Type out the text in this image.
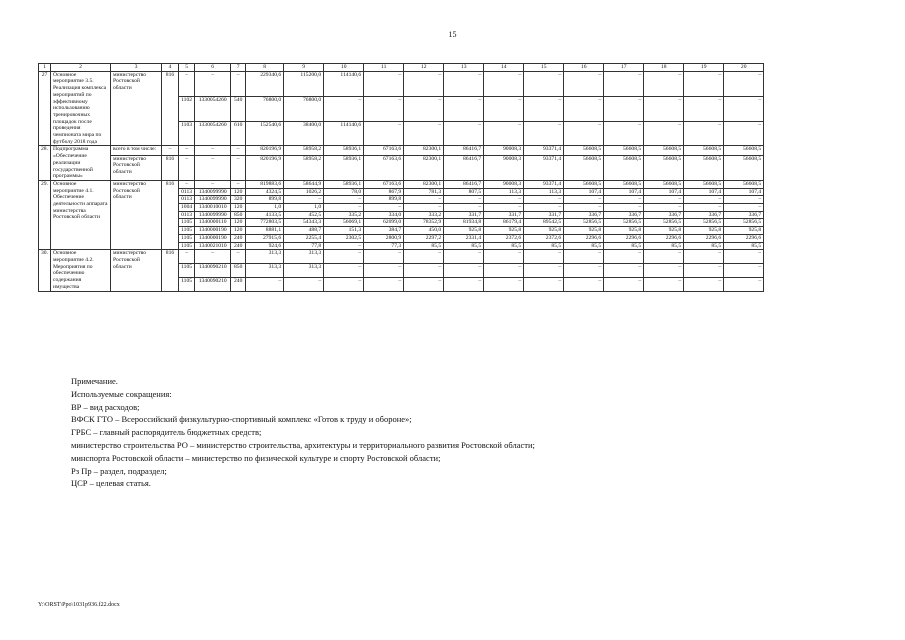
15
1	2	3	4	5	6	7	8	9	10	11	12	13	14	15	16	17	18	19	20
27	Основное мероприятие 3.5. Реализация комплекса мероприятий по эффективному использованию тренировочных площадок после проведения чемпионата мира по футболу 2018 года	министерство Ростовской области	816	–	–	–	229340,6	115200,0	114140,6	–	–	–	–	–	–	–	–	–	–
				1102	1330054260	540	76800,0	76800,0	–	–	–	–	–	–	–	–	–	–	–
				1103	1330054260	610	152540,6	38400,0	114140,6	–	–	–	–	–	–	–	–	–	–
28.	Подпрограмма «Обеспечение реализации государственной программы»	всего в том числе:	–	–	–	–	820196,9	58958,2	58936,1	67163,6	82300,1	86416,7	90008,3	93371,4	56608,5	56608,5	56608,5	56608,5	56608,5
		министерство Ростовской области	816	–	–	–	820196,9	58958,2	58936,1	67163,6	82300,1	86416,7	90008,3	93371,4	56608,5	56608,5	56608,5	56608,5	56608,5
29.	Основное мероприятие 4.1. Обеспечение деятельности аппарата министерства Ростовской области	министерство Ростовской области	816	–	–	–	819883,6	58644,9	58936,1	67163,6	82300,1	86416,7	90008,3	93371,4	56608,5	56608,5	56608,5	56608,5	56608,5
				0113	1340099990	120	4324,5	1026,2	78,0	867,9	781,3	807,5	113,3	113,3	107,4	107,4	107,4	107,4	107,4
				0113	1340099990	320	899,8	–	–	899,8	–	–	–	–	–	–	–	–	–
				1004	1340010010	120	1,0	1,0	–	–	–	–	–	–	–	–	–	–	–
				0113	1340099990	850	4133,5	452,5	335,2	334,0	333,2	331,7	331,7	331,7	336,7	336,7	336,7	336,7	336,7
				1105	1340000110	120	772803,5	54343,3	56069,1	62099,0	78352,9	81934,8	86179,4	89542,5	52856,5	52856,5	52856,5	52856,5	52856,5
				1105	1340000190	120	8881,1	488,7	151,3	384,7	450,0	925,8	925,8	925,8	925,8	925,8	925,8	925,8	925,8
				1105	1340000190	240	27915,6	2255,4	2302,5	2800,9	2297,2	2331,4	2372,6	2372,6	2296,6	2296,6	2296,6	2296,6	2296,6
				1105	1340021010	240	924,6	77,8	–	77,3	85,5	85,5	85,5	85,5	85,5	85,5	85,5	85,5	85,5
30.	Основное мероприятие 4.2. Мероприятия по обеспечению содержания имущества	министерство Ростовской области	816	–	–	–	313,3	313,3	–	–	–	–	–	–	–	–	–	–	–
				1105	1340090210	850	313,3	313,3	–	–	–	–	–	–	–	–	–	–	–
				1105	1340090210	240	–	–	–	–	–	–	–	–	–	–	–	–	–

Примечание.

Используемые сокращения:

ВР – вид расходов;

ВФСК ГТО – Всероссийский физкультурно-спортивный комплекс «Готов к труду и обороне»;

ГРБС – главный распорядитель бюджетных средств;

министерство строительства РО – министерство строительства, архитектуры и территориального развития Ростовской области;

минспорта Ростовской области – министерство по физической культуре и спорту Ростовской области;

Рз Пр – раздел, подраздел;

ЦСР – целевая статья.

Y:\ORST\Ppo\1031p936.f22.docx
